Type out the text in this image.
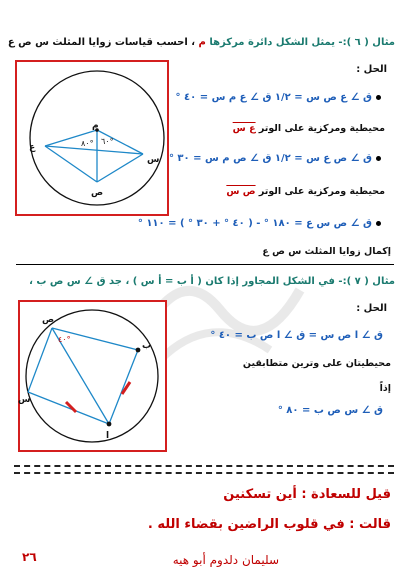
مثال ( ٦ ):- يمثل الشكل دائرة مركزها م ، احسب قياسات زوايا المثلث س ص ع
الحل :
ق ∠ ع ص س = ١/٢ ق ∠ ع م س = ٤٠ °
محيطية ومركزية على الوتر ع س
ق ∠ ص ع س = ١/٢ ق ∠ ص م س = ٣٠ °
محيطية ومركزية على الوتر ص س
ق ∠ ص س ع = ١٨٠ ° - ( ٤٠ ° + ٣٠ ° ) = ١١٠ °
إكمال زوايا المثلث س ص ع
م
ع
س
ص
٨٠° ٦٠°
مثال ( ٧ ):- في الشكل المجاور إذا كان ( أ ب = أ س ) ، جد ق ∠ س ص ب ،
الحل :
ق ∠ ا ص س = ق ∠ ا ص ب = ٤٠ °
محيطيتان على وترين متطابقين
إذاً
ق ∠ س ص ب = ٨٠ °
ص
س
ب
ا
٤٠°
قيل للسعادة : أين تسكنين
قالت : في قلوب الراضين بقضاء الله .
سليمان دلدوم أبو هيه
٢٦
